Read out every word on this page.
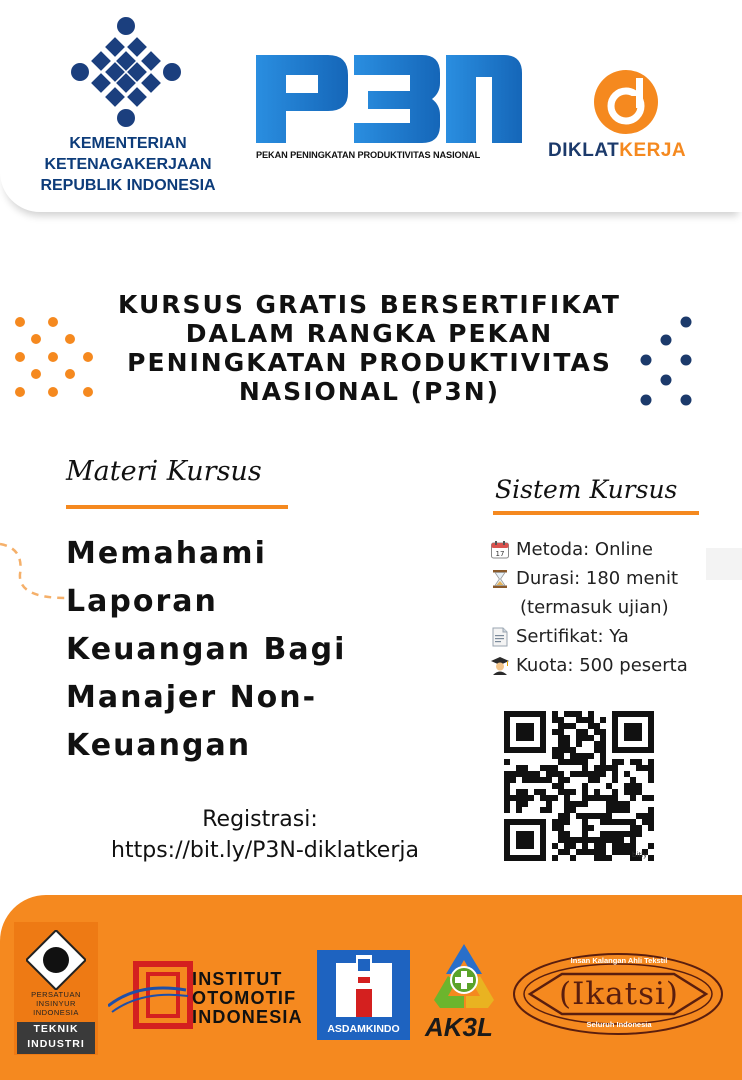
KEMENTERIAN
KETENAGAKERJAAN
REPUBLIK INDONESIA
PEKAN PENINGKATAN PRODUKTIVITAS NASIONAL	DIKLATKERJA
KURSUS GRATIS BERSERTIFIKAT
DALAM RANGKA PEKAN
PENINGKATAN PRODUKTIVITAS
NASIONAL (P3N)
Materi Kursus
Memahami
Laporan
Keuangan Bagi
Manajer Non-
Keuangan
Registrasi:
https://bit.ly/P3N-diklatkerja
Sistem Kursus
17 Metoda: Online
Durasi: 180 menit
(termasuk ujian)
Sertifikat: Ya
Kuota: 500 peserta
bitly
PERSATUAN
INSINYUR
INDONESIA
TEKNIK
INDUSTRI
INSTITUT
OTOMOTIF
INDONESIA
ASDAMKINDO AK3L
Insan Kalangan Ahli Tekstil
(Ikatsi)
Seluruh Indonesia
